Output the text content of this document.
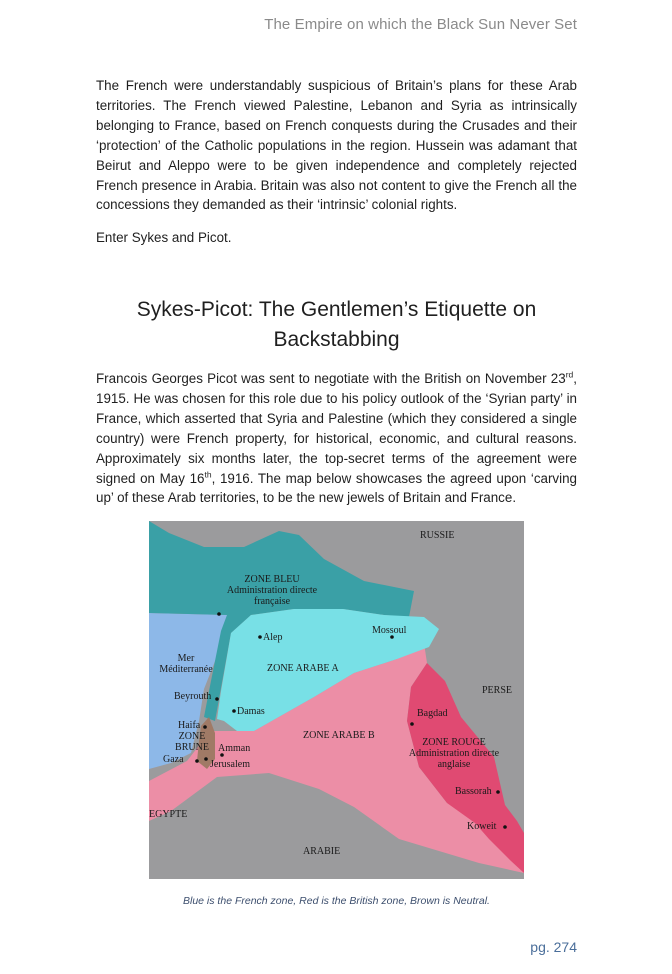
The Empire on which the Black Sun Never Set

The French were understandably suspicious of Britain’s plans for these Arab territories. The French viewed Palestine, Lebanon and Syria as intrinsically belonging to France, based on French conquests during the Crusades and their ‘protection’ of the Catholic populations in the region. Hussein was adamant that Beirut and Aleppo were to be given independence and completely rejected French presence in Arabia. Britain was also not content to give the French all the concessions they demanded as their ‘intrinsic’ colonial rights.

Enter Sykes and Picot.

Sykes-Picot: The Gentlemen’s Etiquette on Backstabbing

Francois Georges Picot was sent to negotiate with the British on November 23rd, 1915. He was chosen for this role due to his policy outlook of the ‘Syrian party’ in France, which asserted that Syria and Palestine (which they considered a single country) were French property, for historical, economic, and cultural reasons. Approximately six months later, the top-secret terms of the agreement were signed on May 16th, 1916. The map below showcases the agreed upon ‘carving up’ of these Arab territories, to be the new jewels of Britain and France.

RUSSIE
ZONE BLEU
Administration directe
française
Alep
Mossoul
Mer
Méditerranée	ZONE ARABE A
PERSE
Beyrouth
Damas	Bagdad
Haifa
ZONE
BRUNE Amman
ZONE ARABE B
Gaza	Jerusalem
ZONE ROUGE
Administration directe
anglaise
Bassorah
EGYPTE
Koweit
ARABIE

Blue is the French zone, Red is the British zone, Brown is Neutral.

pg. 274
